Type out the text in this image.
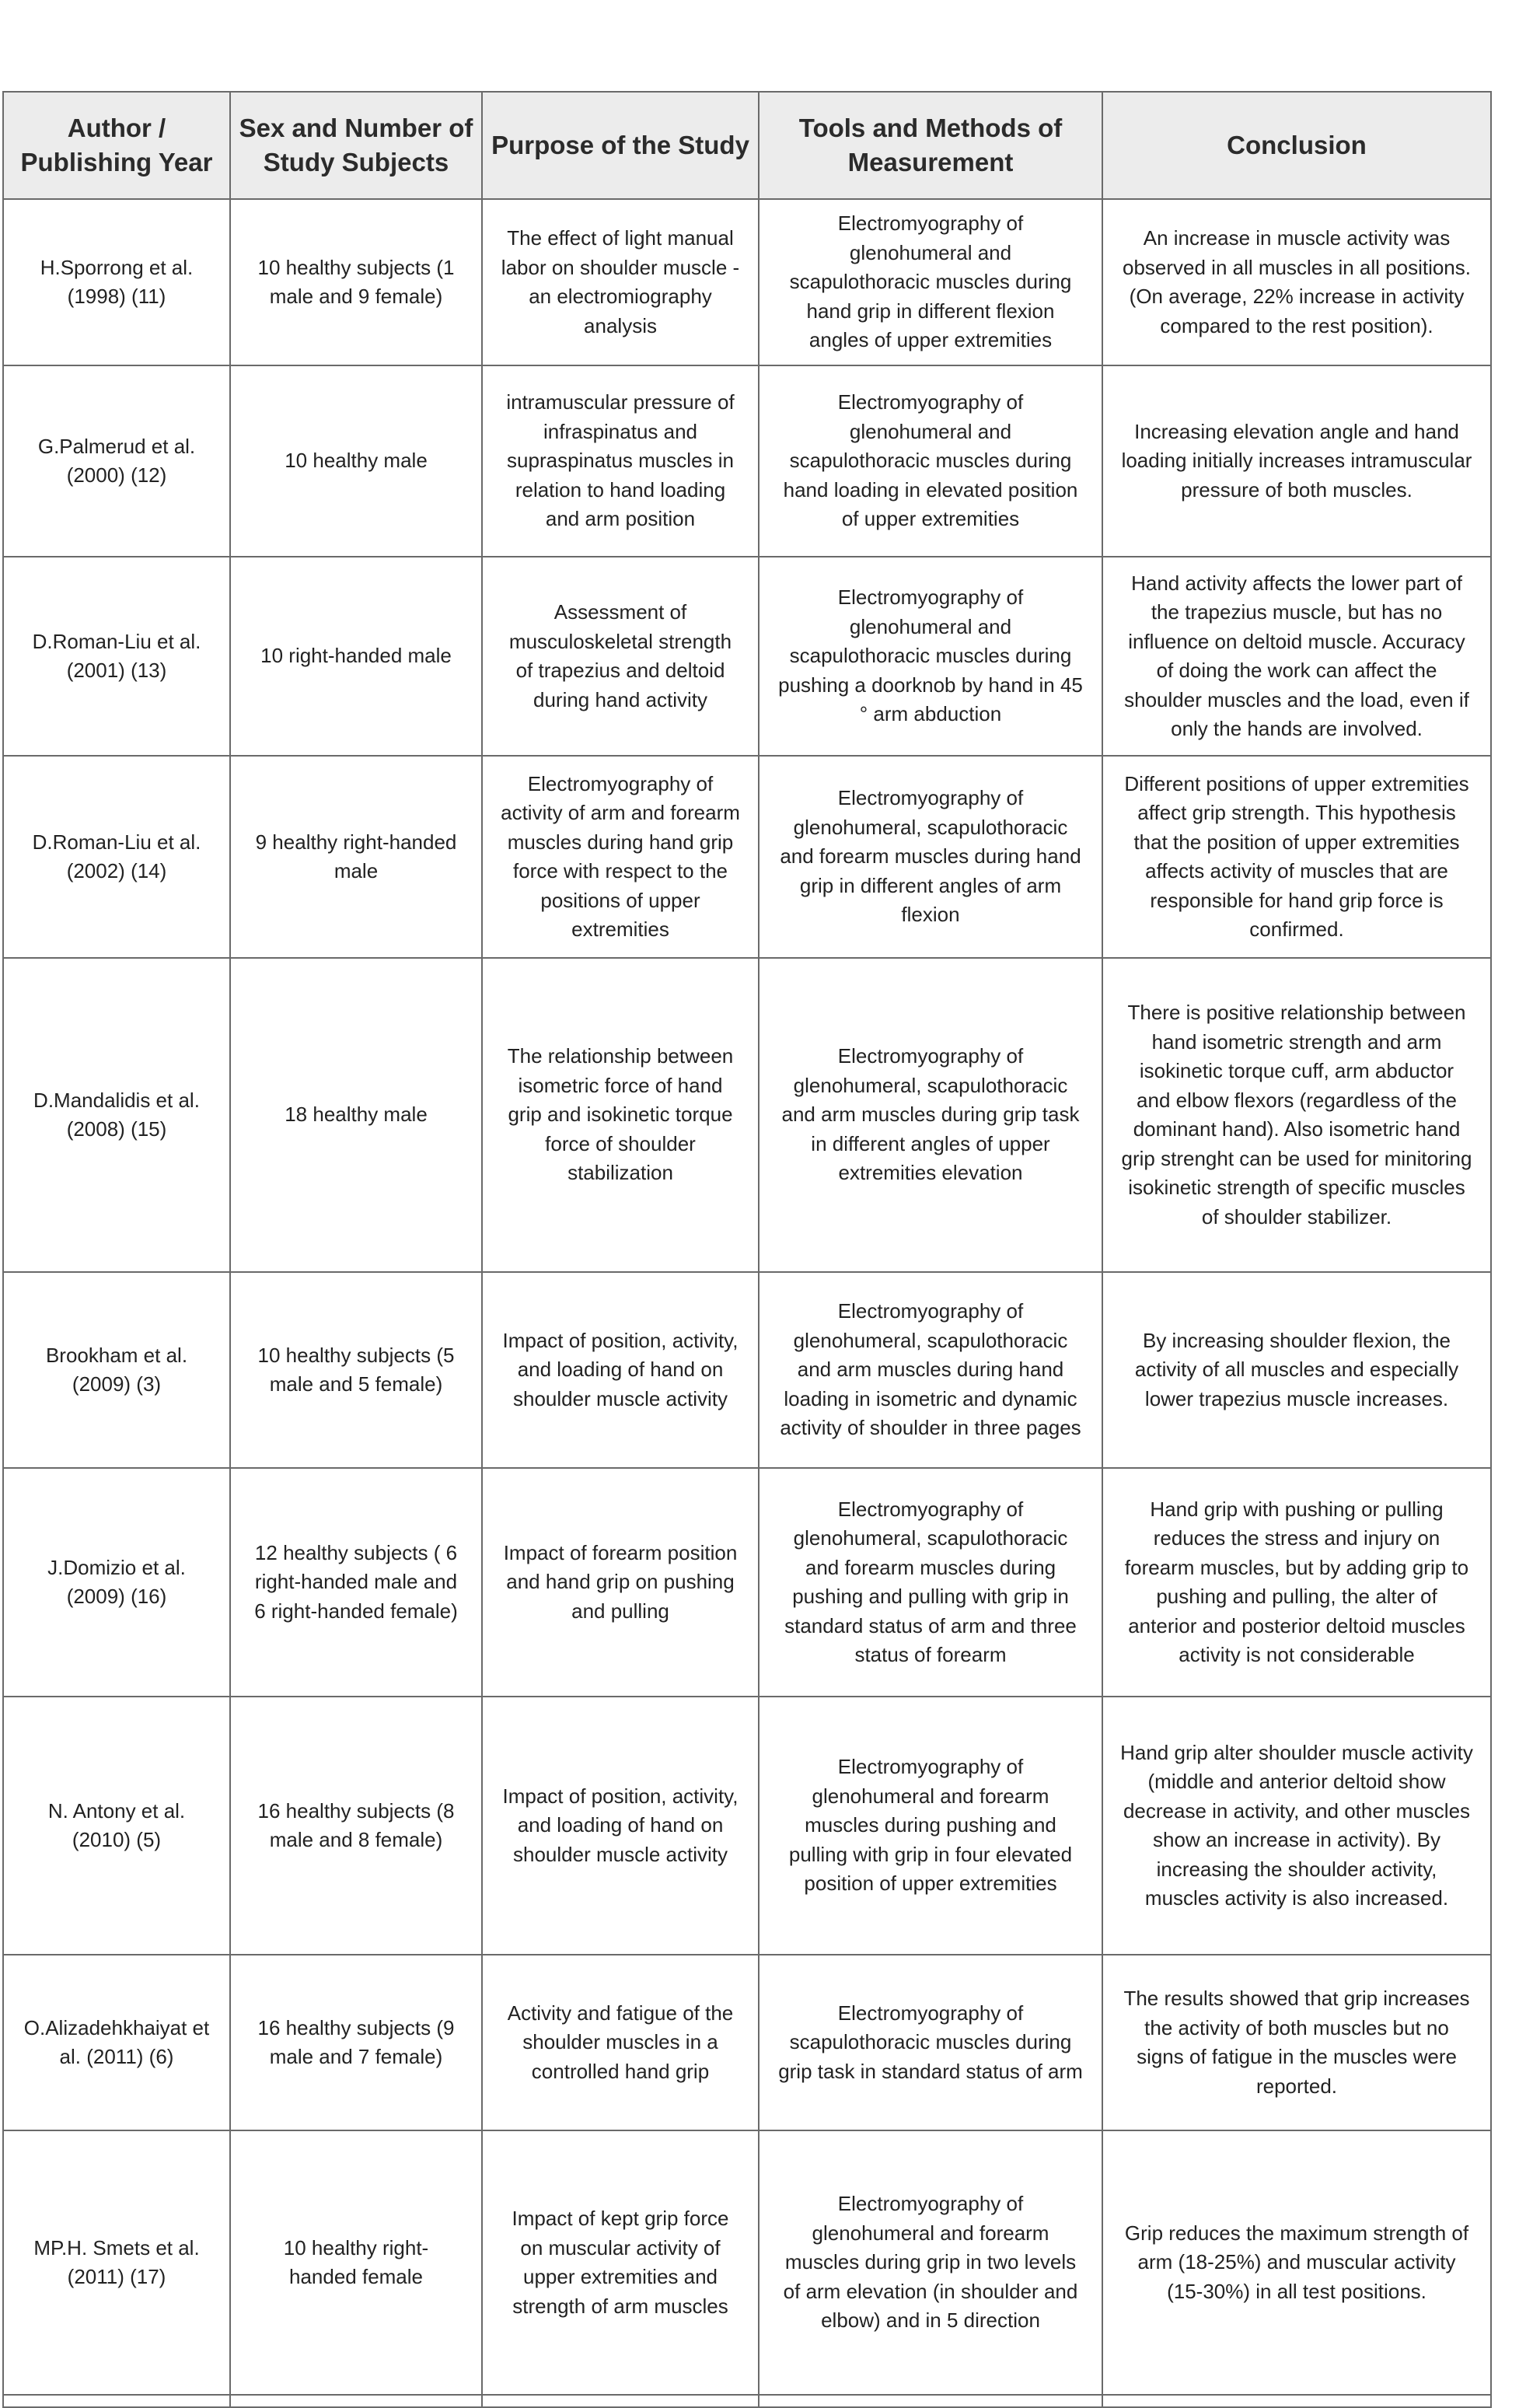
Author / Publishing Year	Sex and Number of Study Subjects	Purpose of the Study	Tools and Methods of Measurement	Conclusion
H.Sporrong et al. (1998) (11)	10 healthy subjects (1 male and 9 female)	The effect of light manual labor on shoulder muscle - an electromiography analysis	Electromyography of glenohumeral and scapulothoracic muscles during hand grip in different flexion angles of upper extremities	An increase in muscle activity was observed in all muscles in all positions. (On average, 22% increase in activity compared to the rest position).
G.Palmerud et al. (2000) (12)	10 healthy male	intramuscular pressure of infraspinatus and supraspinatus muscles in relation to hand loading and arm position	Electromyography of glenohumeral and scapulothoracic muscles during hand loading in elevated position of upper extremities	Increasing elevation angle and hand loading initially increases intramuscular pressure of both muscles.
D.Roman-Liu et al. (2001) (13)	10 right-handed male	Assessment of musculoskeletal strength of trapezius and deltoid during hand activity	Electromyography of glenohumeral and scapulothoracic muscles during pushing a doorknob by hand in 45 ° arm abduction	Hand activity affects the lower part of the trapezius muscle, but has no influence on deltoid muscle. Accuracy of doing the work can affect the shoulder muscles and the load, even if only the hands are involved.
D.Roman-Liu et al. (2002) (14)	9 healthy right-handed male	Electromyography of activity of arm and forearm muscles during hand grip force with respect to the positions of upper extremities	Electromyography of glenohumeral, scapulothoracic and forearm muscles during hand grip in different angles of arm flexion	Different positions of upper extremities affect grip strength. This hypothesis that the position of upper extremities affects activity of muscles that are responsible for hand grip force is confirmed.
D.Mandalidis et al. (2008) (15)	18 healthy male	The relationship between isometric force of hand grip and isokinetic torque force of shoulder stabilization	Electromyography of glenohumeral, scapulothoracic and arm muscles during grip task in different angles of upper extremities elevation	There is positive relationship between hand isometric strength and arm isokinetic torque cuff, arm abductor and elbow flexors (regardless of the dominant hand). Also isometric hand grip strenght can be used for minitoring isokinetic strength of specific muscles of shoulder stabilizer.
Brookham et al. (2009) (3)	10 healthy subjects (5 male and 5 female)	Impact of position, activity, and loading of hand on shoulder muscle activity	Electromyography of glenohumeral, scapulothoracic and arm muscles during hand loading in isometric and dynamic activity of shoulder in three pages	By increasing shoulder flexion, the activity of all muscles and especially lower trapezius muscle increases.
J.Domizio et al. (2009) (16)	12 healthy subjects ( 6 right-handed male and 6 right-handed female)	Impact of forearm position and hand grip on pushing and pulling	Electromyography of glenohumeral, scapulothoracic and forearm muscles during pushing and pulling with grip in standard status of arm and three status of forearm	Hand grip with pushing or pulling reduces the stress and injury on forearm muscles, but by adding grip to pushing and pulling, the alter of anterior and posterior deltoid muscles activity is not considerable
N. Antony et al. (2010) (5)	16 healthy subjects (8 male and 8 female)	Impact of position, activity, and loading of hand on shoulder muscle activity	Electromyography of glenohumeral and forearm muscles during pushing and pulling with grip in four elevated position of upper extremities	Hand grip alter shoulder muscle activity (middle and anterior deltoid show decrease in activity, and other muscles show an increase in activity). By increasing the shoulder activity, muscles activity is also increased.
O.Alizadehkhaiyat et al. (2011) (6)	16 healthy subjects (9 male and 7 female)	Activity and fatigue of the shoulder muscles in a controlled hand grip	Electromyography of scapulothoracic muscles during grip task in standard status of arm	The results showed that grip increases the activity of both muscles but no signs of fatigue in the muscles were reported.
MP.H. Smets et al. (2011) (17)	10 healthy right-handed female	Impact of kept grip force on muscular activity of upper extremities and strength of arm muscles	Electromyography of glenohumeral and forearm muscles during grip in two levels of arm elevation (in shoulder and elbow) and in 5 direction	Grip reduces the maximum strength of arm (18-25%) and muscular activity (15-30%) in all test positions.
